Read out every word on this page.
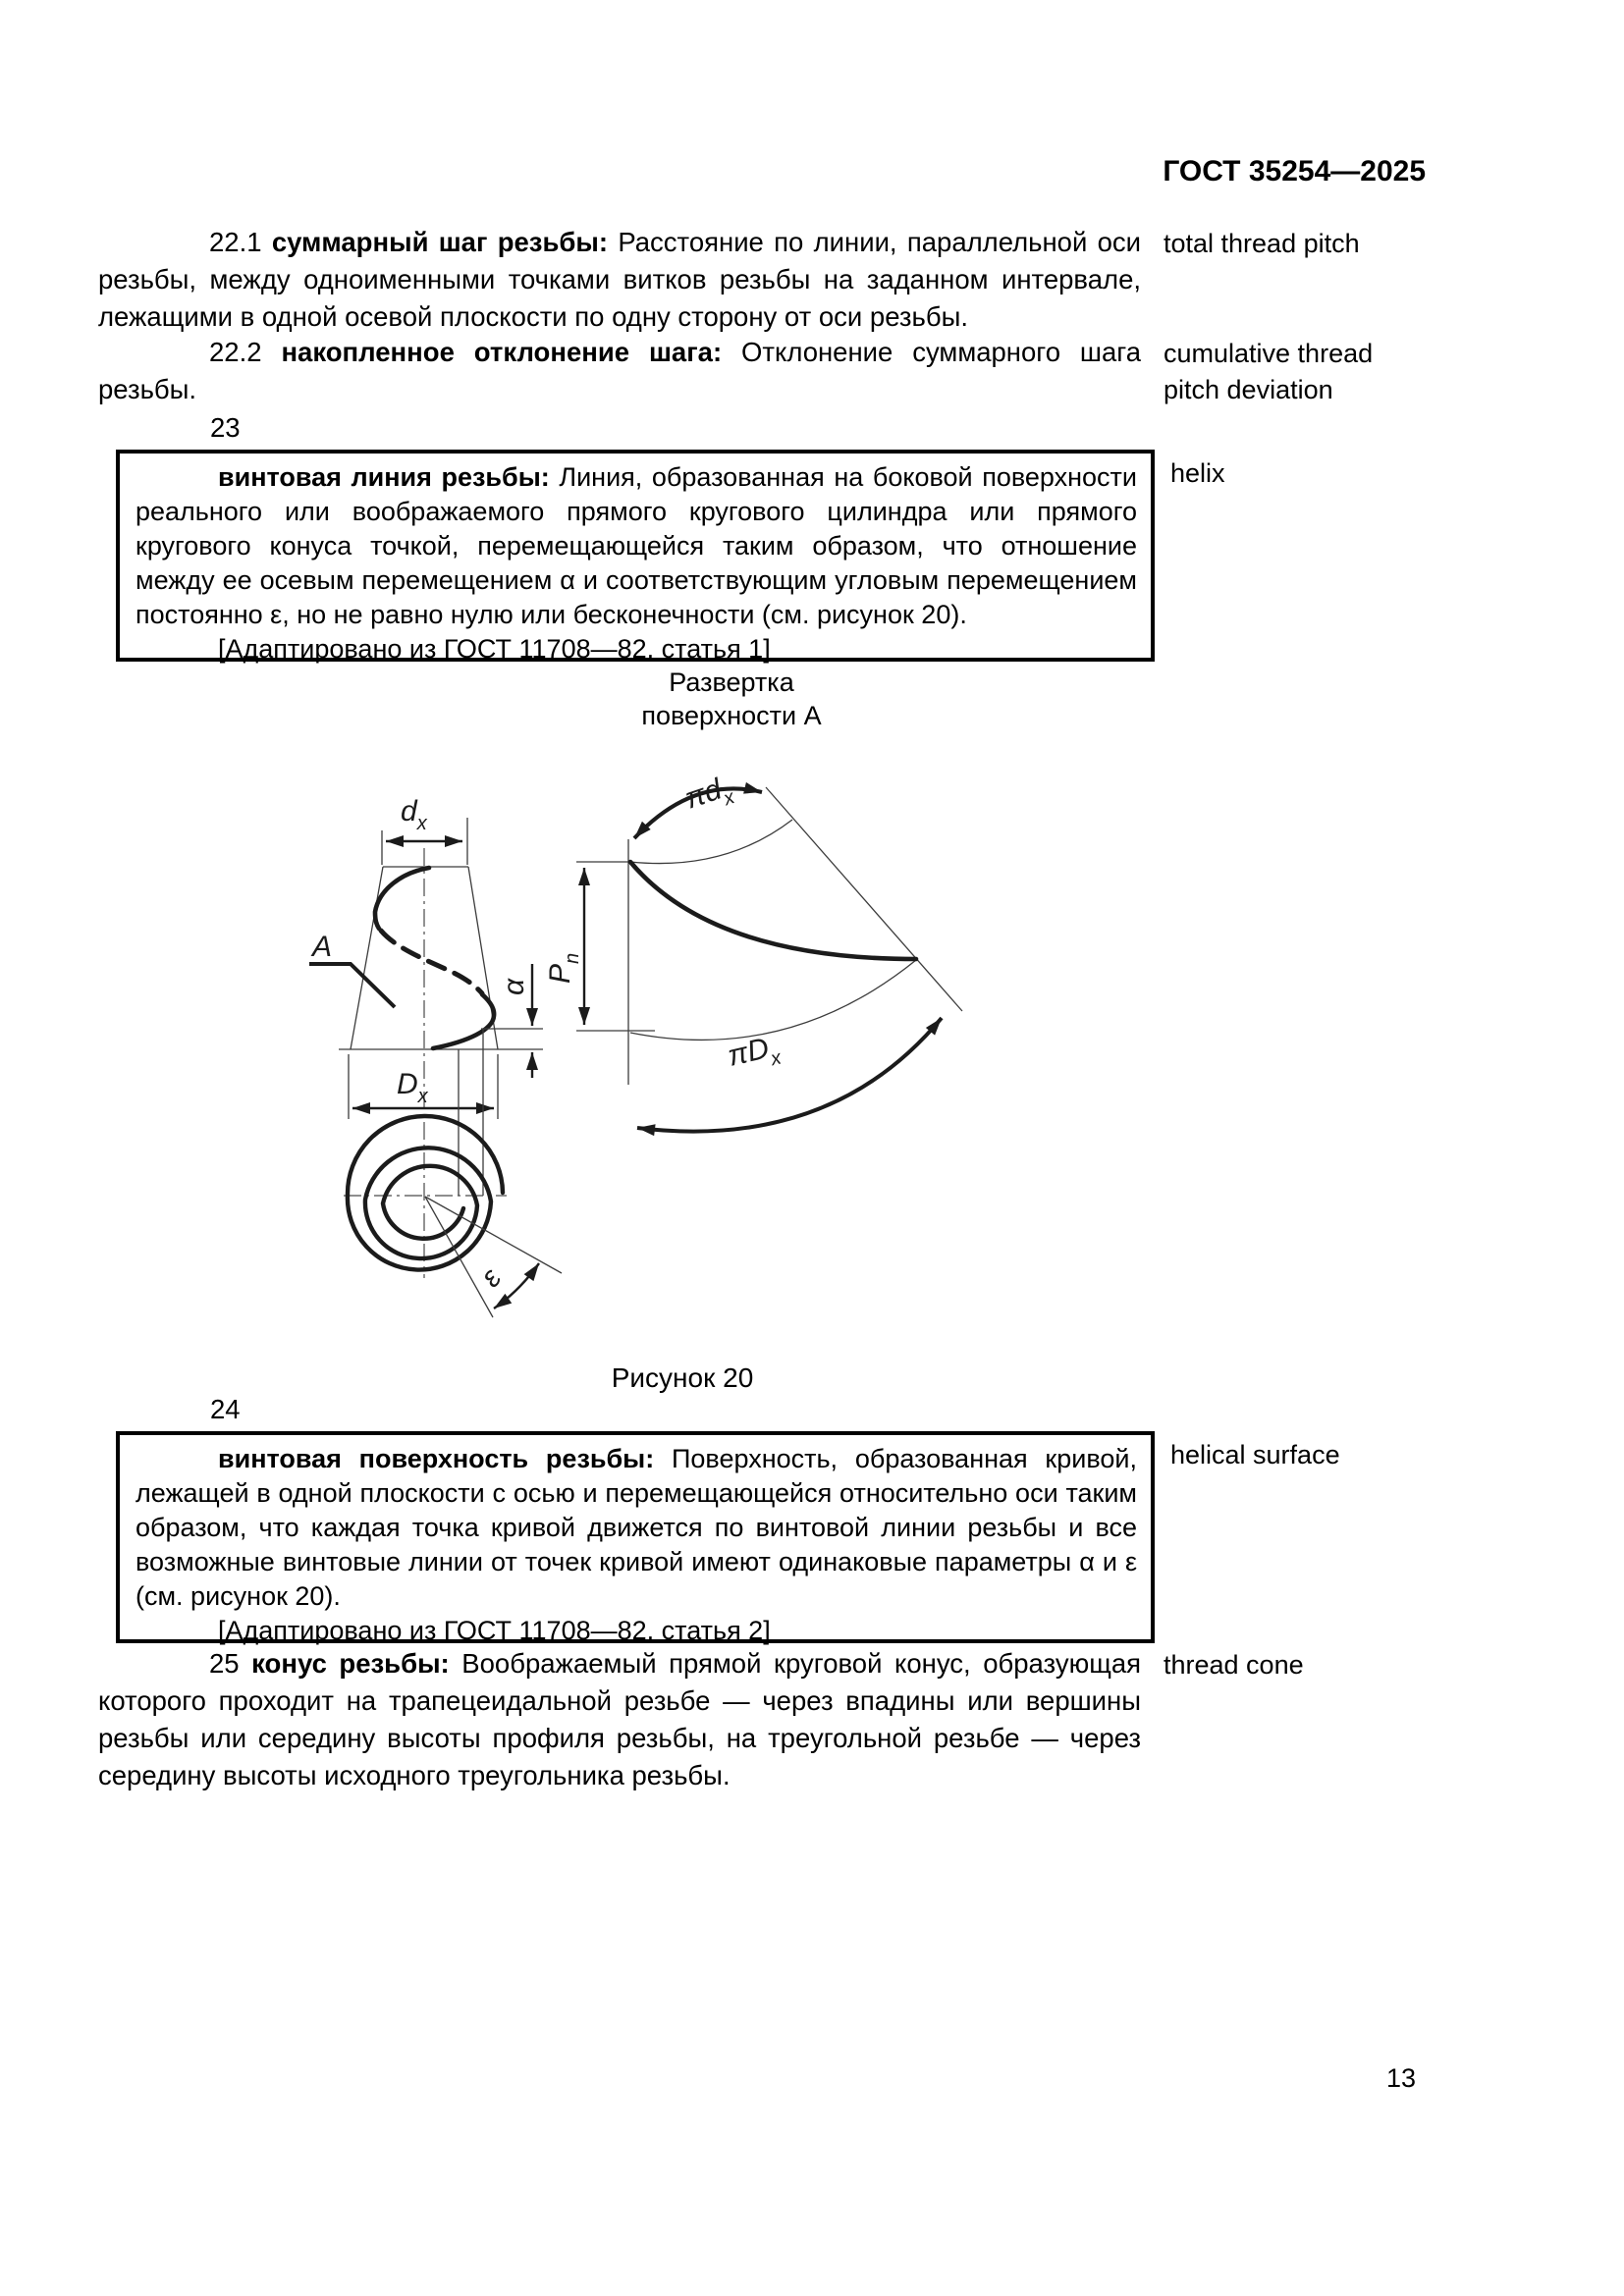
ГОСТ 35254—2025

22.1 суммарный шаг резьбы: Расстояние по линии, параллельной оси резьбы, между одноименными точками витков резьбы на заданном интервале, лежащими в одной осевой плоскости по одну сторону от оси резьбы.

total thread pitch

22.2 накопленное отклонение шага: Отклонение суммарного шага резьбы.

cumulative thread pitch deviation
23

винтовая линия резьбы: Линия, образованная на боковой поверхности реального или воображаемого прямого кругового цилиндра или прямого кругового конуса точкой, перемещающейся таким образом, что отношение между ее осевым перемещением α и соответствующим угловым перемещением постоянно ε, но не равно нулю или бесконечности (см. рисунок 20).

[Адаптировано из ГОСТ 11708—82, статья 1]

helix
Развертка
поверхности А
A
$d_x$
α
$D_x$
ε
$P_n$
$\pi d_x$
$\pi D_x$
Рисунок 20
24

винтовая поверхность резьбы: Поверхность, образованная кривой, лежащей в одной плоскости с осью и перемещающейся относительно оси таким образом, что каждая точка кривой движется по винтовой линии резьбы и все возможные винтовые линии от точек кривой имеют одинаковые параметры α и ε (см. рисунок 20).

[Адаптировано из ГОСТ 11708—82, статья 2]

helical surface

25 конус резьбы: Воображаемый прямой круговой конус, образующая которого проходит на трапецеидальной резьбе — через впадины или вершины резьбы или середину высоты профиля резьбы, на треугольной резьбе — через середину высоты исходного треугольника резьбы.

thread cone
13
